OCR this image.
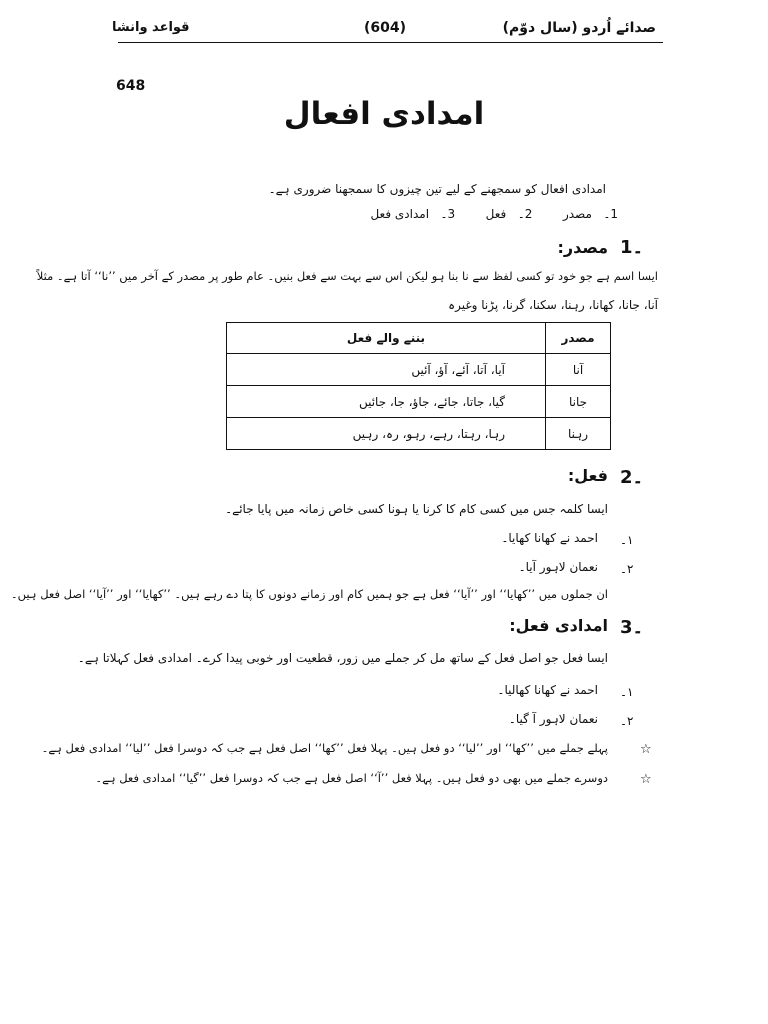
صدائے اُردو (سال دوّم)
(604)
قواعد وانشا
648
امدادی افعال
امدادی افعال کو سمجھنے کے لیے تین چیزوں کا سمجھنا ضروری ہے۔
1۔   مصدر        2۔   فعل        3۔   امدادی فعل
1۔
مصدر:
ایسا اسم ہے جو خود تو کسی لفظ سے نا بنا ہو لیکن اس سے بہت سے فعل بنیں۔ عام طور پر مصدر کے آخر میں ’’نا‘‘ آتا ہے۔ مثلاً
آنا، جانا، کھانا، رہنا، سکنا، گرنا، پڑنا وغیرہ
مصدر	بننے والے فعل
آنا	آیا، آتا، آئے، آؤ، آئیں
جانا	گیا، جاتا، جائے، جاؤ، جا، جائیں
رہنا	رہا، رہتا، رہے، رہو، رہ، رہیں
2۔
فعل:
ایسا کلمہ جس میں کسی کام کا کرنا یا ہونا کسی خاص زمانہ میں پایا جائے۔
۱۔
احمد نے کھانا کھایا۔
۲۔
نعمان لاہور آیا۔
ان جملوں میں ’’کھایا‘‘ اور ’’آیا‘‘ فعل ہے جو ہمیں کام اور زمانے دونوں کا پتا دے رہے ہیں۔ ’’کھایا‘‘ اور ’’آیا‘‘ اصل فعل ہیں۔
3۔
امدادی فعل:
ایسا فعل جو اصل فعل کے ساتھ مل کر جملے میں زور، قطعیت اور خوبی پیدا کرے۔ امدادی فعل کہلاتا ہے۔
۱۔
احمد نے کھانا کھالیا۔
۲۔
نعمان لاہور آ گیا۔
☆
پہلے جملے میں ’’کھا‘‘ اور ’’لیا‘‘ دو فعل ہیں۔ پہلا فعل ’’کھا‘‘ اصل فعل ہے جب کہ دوسرا فعل ’’لیا‘‘ امدادی فعل ہے۔
☆
دوسرے جملے میں بھی دو فعل ہیں۔ پہلا فعل ’’آ‘‘ اصل فعل ہے جب کہ دوسرا فعل ’’گیا‘‘ امدادی فعل ہے۔
